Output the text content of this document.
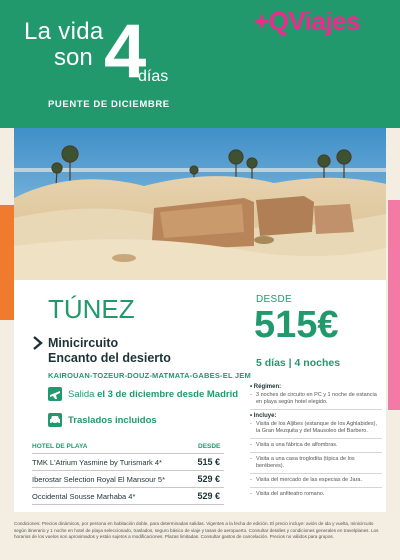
La vida
son 4
días
PUENTE DE DICIEMBRE
+QViajes
TÚNEZ	DESDE
515€
5 días | 4 noches
Minicircuito
Encanto del desierto
KAIROUAN-TOZEUR-DOUZ-MATMATA-GABES-EL JEM
Salida el 3 de diciembre desde Madrid
Traslados incluidos
HOTEL DE PLAYA	DESDE
TMK L'Atrium Yasmine by Turismark 4*	515 €
Iberostar Selection Royal El Mansour 5*	529 €
Occidental Sousse Marhaba 4*	529 €
• Régimen:
- 3 noches de circuito en PC y 1 noche de estancia en playa según hotel elegido.
• Incluye:
- Visita de los Aljibes (estanque de los Aghlabides), la Gran Mezquita y del Mausoleo del Barbero.
- Visita a una fábrica de alfombras.
- Visita a una casa troglodita (típica de los beréberes).
- Visita del mercado de las especias de Jara.
- Visita del anfiteatro romano.
Condiciones: Precios dinámicos, por persona en habitación doble, para determinadas salidas. Vigentes a la fecha de edición. El precio incluye: avión de ida y vuelta, minicircuito según itinerario y 1 noche en hotel de playa seleccionado, traslados, seguro básico de viaje y tasas de aeropuerto. Consultar detalles y condiciones generales en travelplanes. Los horarios de los vuelos son aproximados y están sujetos a modificaciones. Plazas limitadas. Consultar gastos de cancelación. Precios no válidos para grupos.
